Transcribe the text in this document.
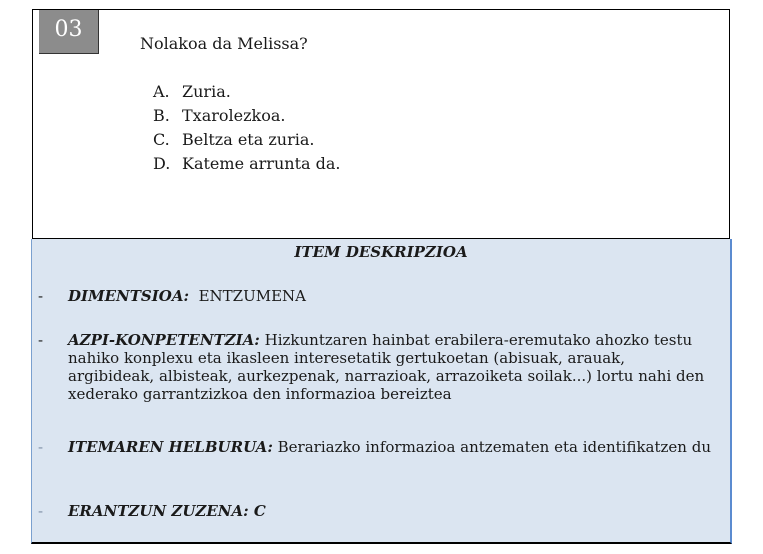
03
Nolakoa da Melissa?
A. Zuria.
B. Txarolezkoa.
C. Beltza eta zuria.
D. Kateme arrunta da.
ITEM DESKRIPZIOA
- DIMENTSIOA: ENTZUMENA
- AZPI-KONPETENTZIA: Hizkuntzaren hainbat erabilera-eremutako ahozko testu nahiko konplexu eta ikasleen interesetatik gertukoetan (abisuak, arauak, argibideak, albisteak, aurkezpenak, narrazioak, arrazoiketa soilak...) lortu nahi den xederako garrantzizkoa den informazioa bereiztea
- ITEMAREN HELBURUA: Berariazko informazioa antzematen eta identifikatzen du
- ERANTZUN ZUZENA: C
